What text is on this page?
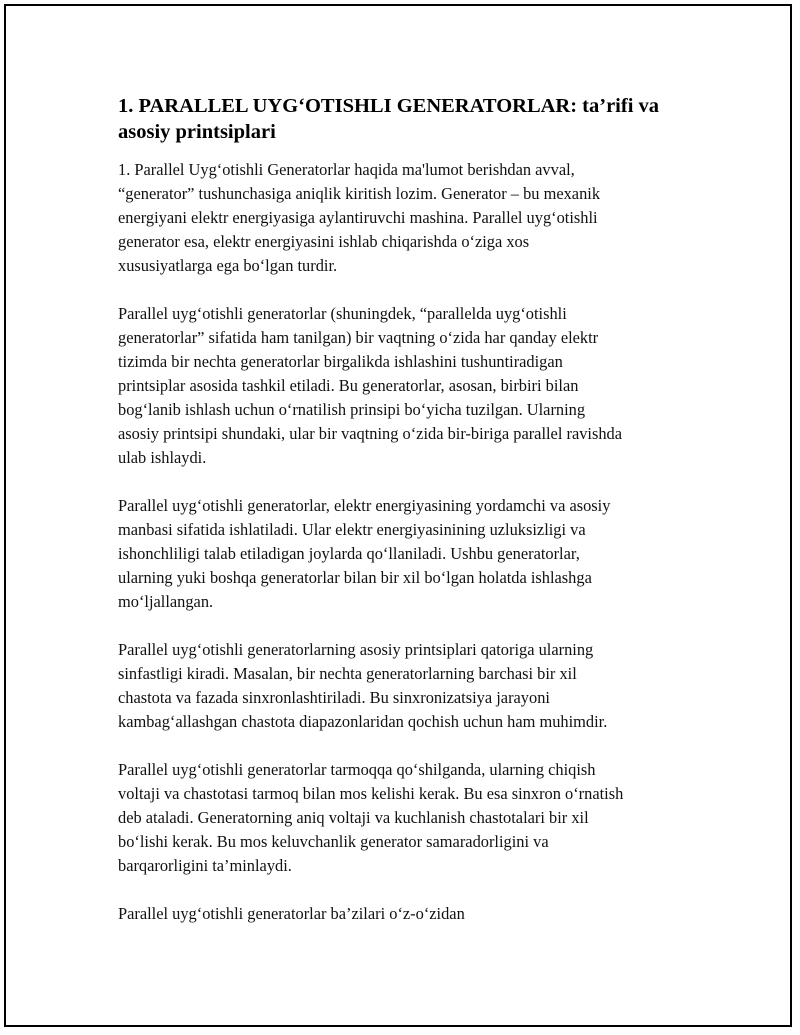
1. PARALLEL UYG‘OTISHLI GENERATORLAR: ta’rifi va
asosiy printsiplari

1. Parallel Uyg‘otishli Generatorlar haqida ma'lumot berishdan avval,
“generator” tushunchasiga aniqlik kiritish lozim. Generator – bu mexanik
energiyani elektr energiyasiga aylantiruvchi mashina. Parallel uyg‘otishli
generator esa, elektr energiyasini ishlab chiqarishda o‘ziga xos
xususiyatlarga ega bo‘lgan turdir.

Parallel uyg‘otishli generatorlar (shuningdek, “parallelda uyg‘otishli
generatorlar” sifatida ham tanilgan) bir vaqtning o‘zida har qanday elektr
tizimda bir nechta generatorlar birgalikda ishlashini tushuntiradigan
printsiplar asosida tashkil etiladi. Bu generatorlar, asosan, birbiri bilan
bog‘lanib ishlash uchun o‘rnatilish prinsipi bo‘yicha tuzilgan. Ularning
asosiy printsipi shundaki, ular bir vaqtning o‘zida bir-biriga parallel ravishda
ulab ishlaydi.

Parallel uyg‘otishli generatorlar, elektr energiyasining yordamchi va asosiy
manbasi sifatida ishlatiladi. Ular elektr energiyasinining uzluksizligi va
ishonchliligi talab etiladigan joylarda qo‘llaniladi. Ushbu generatorlar,
ularning yuki boshqa generatorlar bilan bir xil bo‘lgan holatda ishlashga
mo‘ljallangan.

Parallel uyg‘otishli generatorlarning asosiy printsiplari qatoriga ularning
sinfastligi kiradi. Masalan, bir nechta generatorlarning barchasi bir xil
chastota va fazada sinxronlashtiriladi. Bu sinxronizatsiya jarayoni
kambag‘allashgan chastota diapazonlaridan qochish uchun ham muhimdir.

Parallel uyg‘otishli generatorlar tarmoqqa qo‘shilganda, ularning chiqish
voltaji va chastotasi tarmoq bilan mos kelishi kerak. Bu esa sinxron o‘rnatish
deb ataladi. Generatorning aniq voltaji va kuchlanish chastotalari bir xil
bo‘lishi kerak. Bu mos keluvchanlik generator samaradorligini va
barqarorligini ta’minlaydi.

Parallel uyg‘otishli generatorlar ba’zilari o‘z-o‘zidan
